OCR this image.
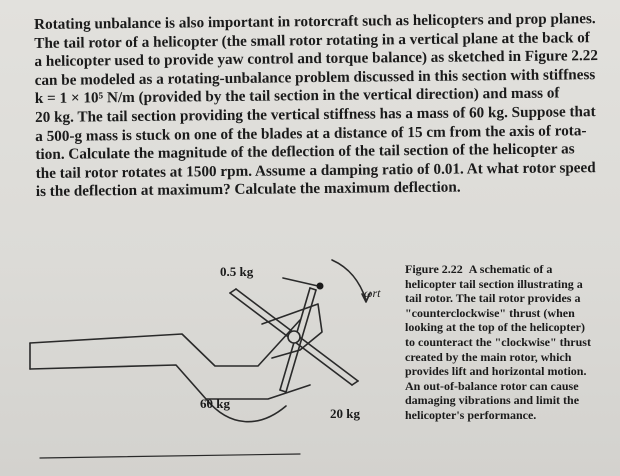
Rotating unbalance is also important in rotorcraft such as helicopters and prop planes.
The tail rotor of a helicopter (the small rotor rotating in a vertical plane at the back of
a helicopter used to provide yaw control and torque balance) as sketched in Figure 2.22
can be modeled as a rotating-unbalance problem discussed in this section with stiffness
k = 1 × 10⁵ N/m (provided by the tail section in the vertical direction) and mass of
20 kg. The tail section providing the vertical stiffness has a mass of 60 kg. Suppose that
a 500-g mass is stuck on one of the blades at a distance of 15 cm from the axis of rota-
tion. Calculate the magnitude of the deflection of the tail section of the helicopter as
the tail rotor rotates at 1500 rpm. Assume a damping ratio of 0.01. At what rotor speed
is the deflection at maximum? Calculate the maximum deflection.
0.5 kg
ωrt
60 kg
20 kg
Figure 2.22 A schematic of a
helicopter tail section illustrating a
tail rotor. The tail rotor provides a
"counterclockwise" thrust (when
looking at the top of the helicopter)
to counteract the "clockwise" thrust
created by the main rotor, which
provides lift and horizontal motion.
An out-of-balance rotor can cause
damaging vibrations and limit the
helicopter's performance.
